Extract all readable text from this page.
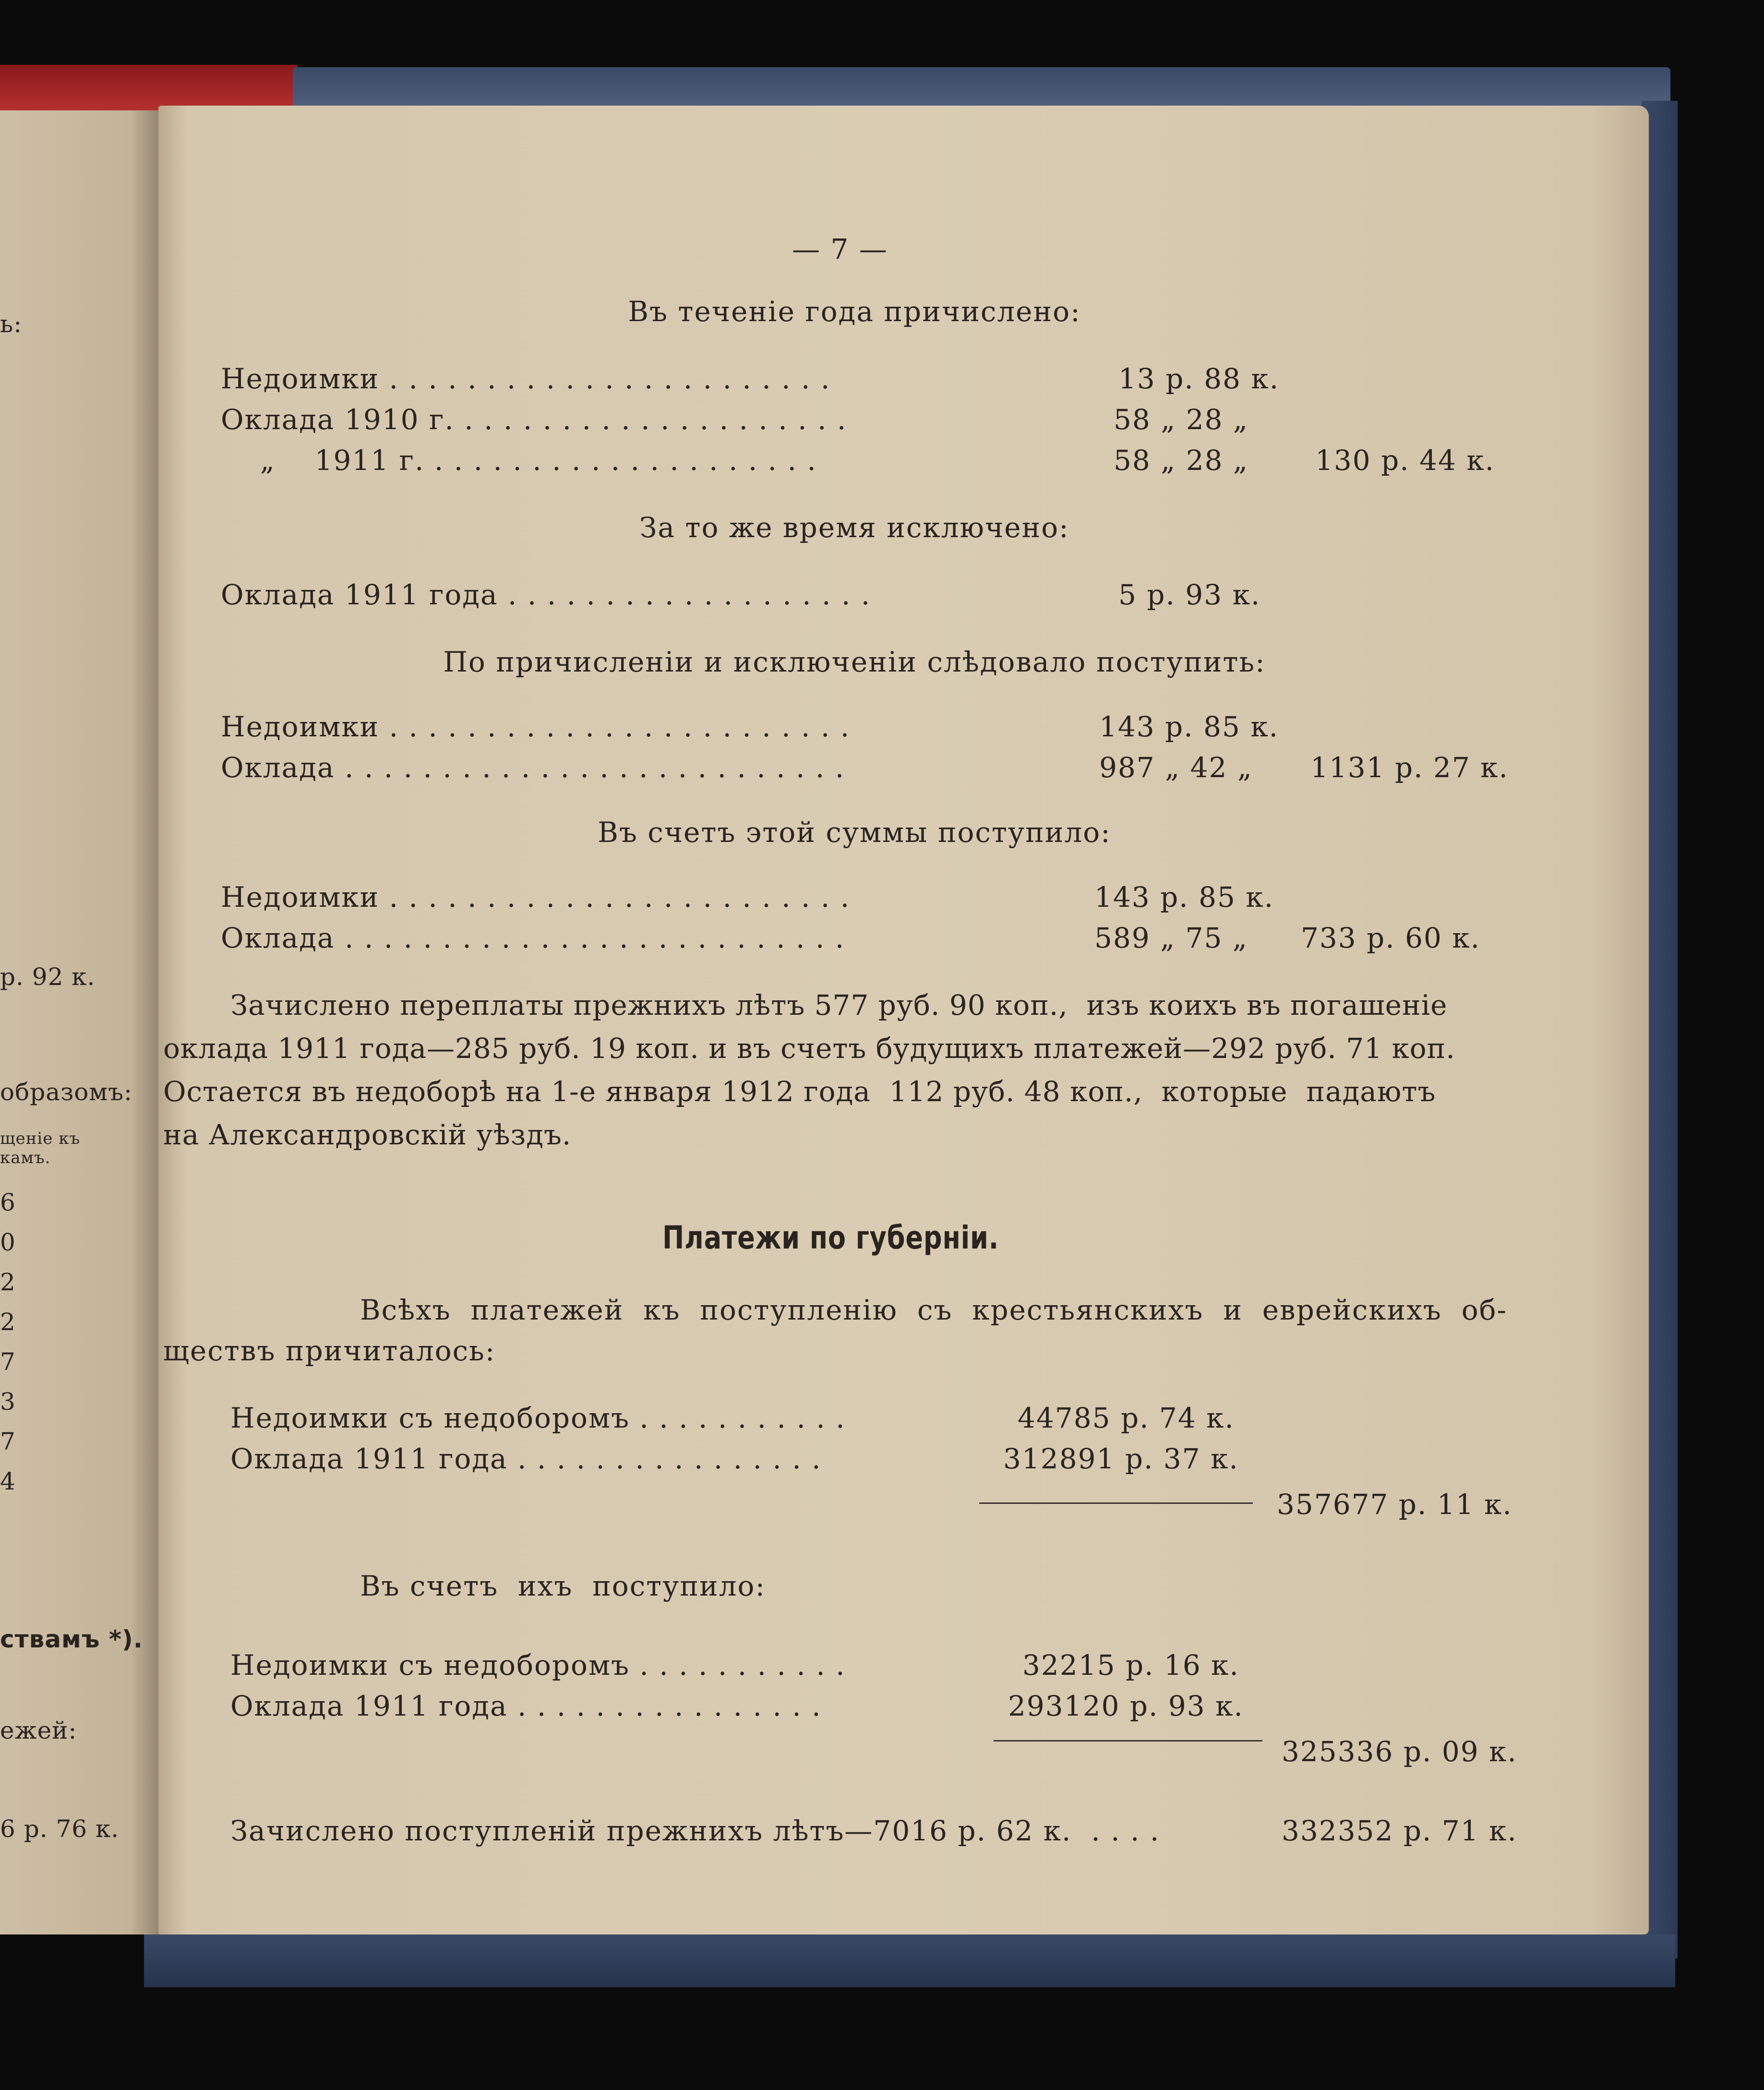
ь:
р. 92 к.
образомъ:
щеніе къ
камъ.
6
0
2
2
7
3
7
4
ствамъ *).
ежей:
6 р. 76 к.
— 7 —
Въ теченіе года причислено:
Недоимки . . . . . . . . . . . . . . . . . . . . . . .	13 р. 88 к.
Оклада 1910 г. . . . . . . . . . . . . . . . . . . . .	58 „ 28 „
„    1911 г. . . . . . . . . . . . . . . . . . . . .	58 „ 28 „ 130 р. 44 к.
За то же время исключено:
Оклада 1911 года . . . . . . . . . . . . . . . . . . .	5 р. 93 к.
По причисленіи и исключеніи слѣдовало поступить:
Недоимки . . . . . . . . . . . . . . . . . . . . . . . .	143 р. 85 к.
Оклада . . . . . . . . . . . . . . . . . . . . . . . . . .	987 „ 42 „ 1131 р. 27 к.
Въ счетъ этой суммы поступило:
Недоимки . . . . . . . . . . . . . . . . . . . . . . . .	143 р. 85 к.
Оклада . . . . . . . . . . . . . . . . . . . . . . . . . .	589 „ 75 „ 733 р. 60 к.
Зачислено переплаты прежнихъ лѣтъ 577 руб. 90 коп.,  изъ коихъ въ погашеніе
оклада 1911 года—285 руб. 19 коп. и въ счетъ будущихъ платежей—292 руб. 71 коп.
Остается въ недоборѣ на 1-е января 1912 года  112 руб. 48 коп.,  которые  падаютъ
на Александровскій уѣздъ.
Платежи по губерніи.
Всѣхъ  платежей  къ  поступленію  съ  крестьянскихъ  и  еврейскихъ  об-
ществъ причиталось:
Недоимки съ недоборомъ . . . . . . . . . . .	44785 р. 74 к.
Оклада 1911 года . . . . . . . . . . . . . . . .	312891 р. 37 к.
357677 р. 11 к.
Въ счетъ  ихъ  поступило:
Недоимки съ недоборомъ . . . . . . . . . . .	32215 р. 16 к.
Оклада 1911 года . . . . . . . . . . . . . . . .	293120 р. 93 к.
325336 р. 09 к.
Зачислено поступленій прежнихъ лѣтъ—7016 р. 62 к.  . . . .	332352 р. 71 к.
